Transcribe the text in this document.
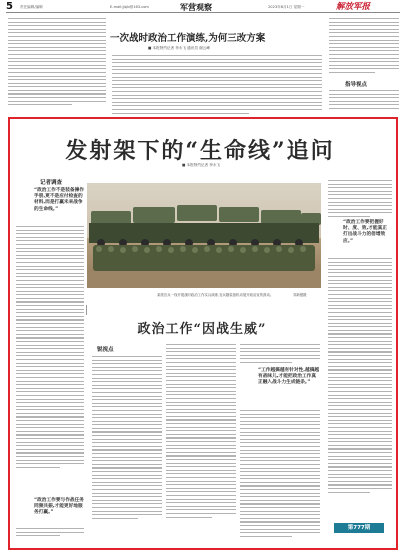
5 责任编辑/编辑	E-mail:jjsjb@163.com	军营观察	2023年6月1日 星期一	解放军报
一次战时政治工作演练,为何三改方案
■ 本报特约记者 李永飞 通讯员 谢云峰
指导视点
发射架下的“生命线”追问
■ 本报特约记者 李永飞
记者调查
“政治工作不是装备操作手册,更不是应付检查的材料,而是打赢未来战争的生命线。”
“政治工作要与作战任务同频共振,才能更好地服务打赢。”
某旅官兵一线开展战时政治工作实兵演练,官兵随装备机动展开政治宣传鼓动。	刘新强摄
“政治工作要把握好时、度、效,才能真正打出战斗力的倍增效应。”
第777期
政治工作“因战生威”
锐视点
“工作越搞越有针对性,越搞越有战味儿,才能把政治工作真正融入战斗力生成链条。”
